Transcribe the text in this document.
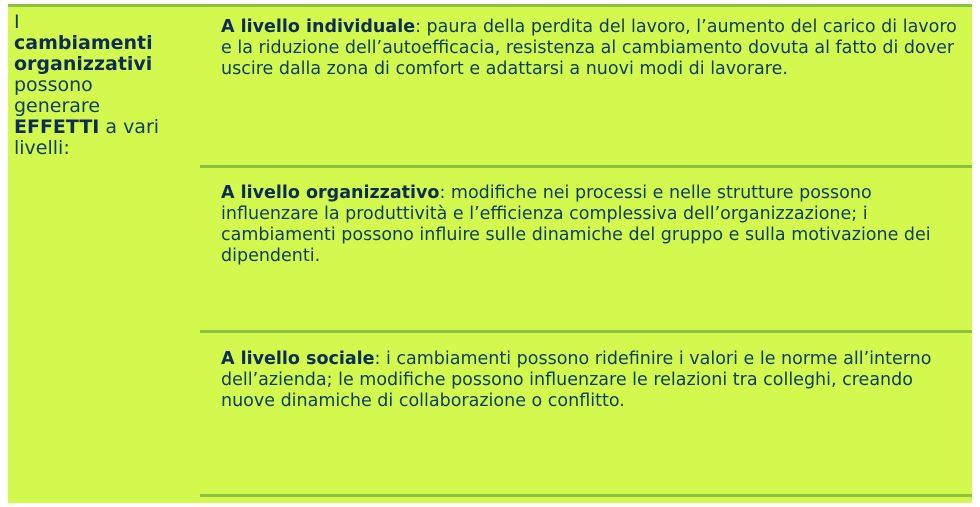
I
cambiamenti
organizzativi
possono
generare
EFFETTI a vari
livelli:
A livello individuale: paura della perdita del lavoro, l’aumento del carico di lavoro e la riduzione dell’autoefficacia, resistenza al cambiamento dovuta al fatto di dover uscire dalla zona di comfort e adattarsi a nuovi modi di lavorare.
A livello organizzativo: modifiche nei processi e nelle strutture possono influenzare la produttività e l’efficienza complessiva dell’organizzazione; i cambiamenti possono influire sulle dinamiche del gruppo e sulla motivazione dei dipendenti.
A livello sociale: i cambiamenti possono ridefinire i valori e le norme all’interno dell’azienda; le modifiche possono influenzare le relazioni tra colleghi, creando nuove dinamiche di collaborazione o conflitto.
